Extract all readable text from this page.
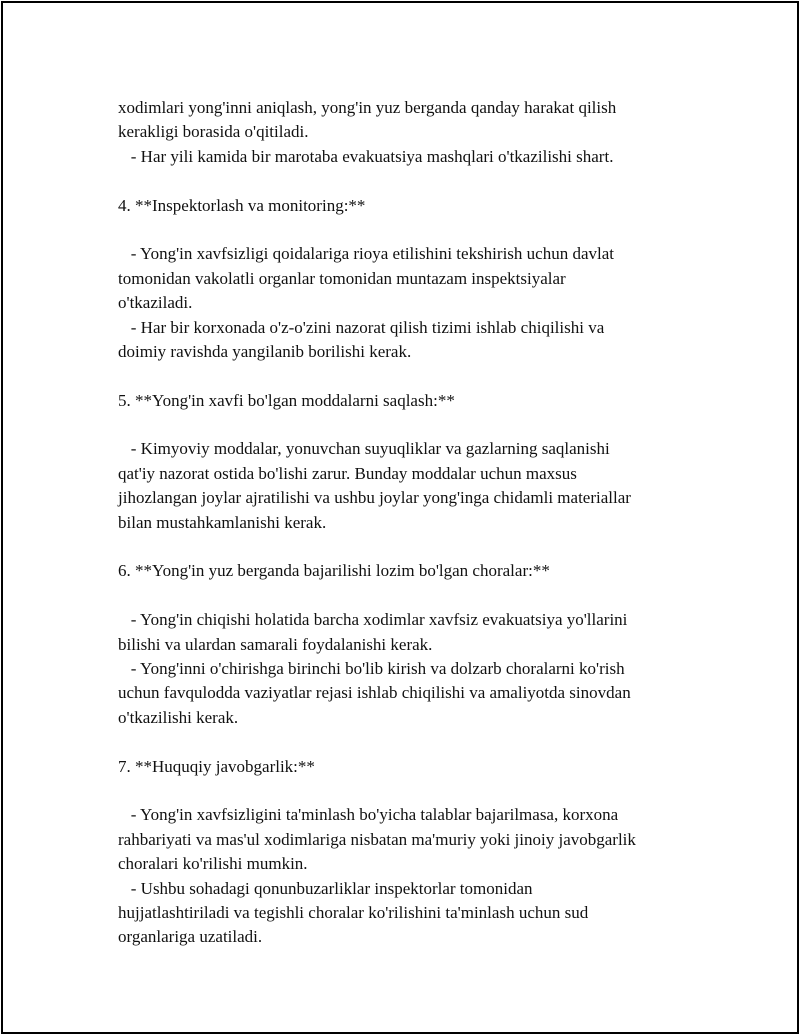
xodimlari yong'inni aniqlash, yong'in yuz berganda qanday harakat qilish
kerakligi borasida o'qitiladi.
- Har yili kamida bir marotaba evakuatsiya mashqlari o'tkazilishi shart.
4. **Inspektorlash va monitoring:**
- Yong'in xavfsizligi qoidalariga rioya etilishini tekshirish uchun davlat
tomonidan vakolatli organlar tomonidan muntazam inspektsiyalar
o'tkaziladi.
- Har bir korxonada o'z-o'zini nazorat qilish tizimi ishlab chiqilishi va
doimiy ravishda yangilanib borilishi kerak.
5. **Yong'in xavfi bo'lgan moddalarni saqlash:**
- Kimyoviy moddalar, yonuvchan suyuqliklar va gazlarning saqlanishi
qat'iy nazorat ostida bo'lishi zarur. Bunday moddalar uchun maxsus
jihozlangan joylar ajratilishi va ushbu joylar yong'inga chidamli materiallar
bilan mustahkamlanishi kerak.
6. **Yong'in yuz berganda bajarilishi lozim bo'lgan choralar:**
- Yong'in chiqishi holatida barcha xodimlar xavfsiz evakuatsiya yo'llarini
bilishi va ulardan samarali foydalanishi kerak.
- Yong'inni o'chirishga birinchi bo'lib kirish va dolzarb choralarni ko'rish
uchun favqulodda vaziyatlar rejasi ishlab chiqilishi va amaliyotda sinovdan
o'tkazilishi kerak.
7. **Huquqiy javobgarlik:**
- Yong'in xavfsizligini ta'minlash bo'yicha talablar bajarilmasa, korxona
rahbariyati va mas'ul xodimlariga nisbatan ma'muriy yoki jinoiy javobgarlik
choralari ko'rilishi mumkin.
- Ushbu sohadagi qonunbuzarliklar inspektorlar tomonidan
hujjatlashtiriladi va tegishli choralar ko'rilishini ta'minlash uchun sud
organlariga uzatiladi.
